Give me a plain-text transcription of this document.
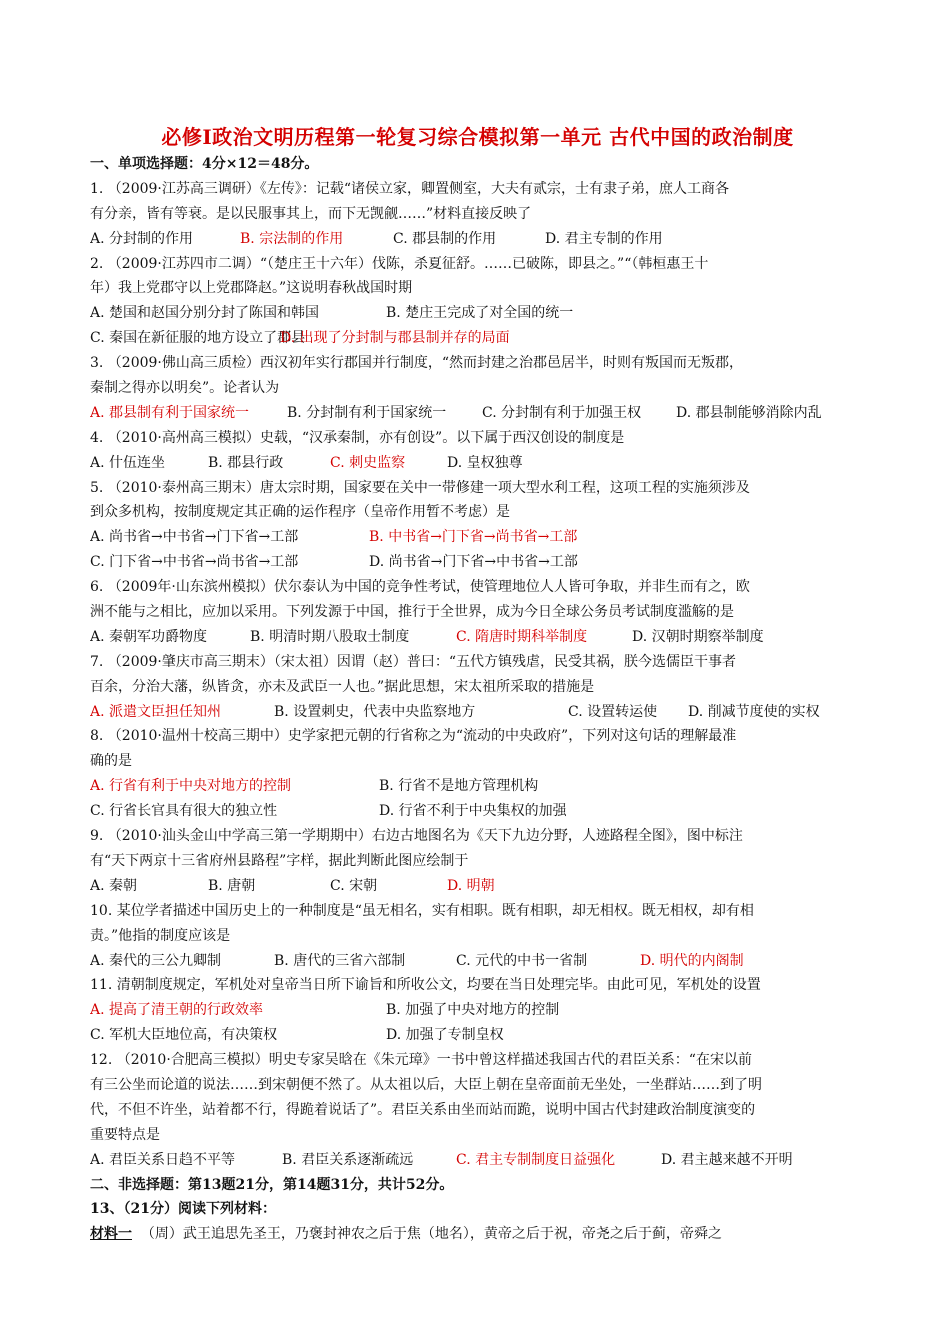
必修Ⅰ政治文明历程第一轮复习综合模拟第一单元 古代中国的政治制度
一、单项选择题：4分×12＝48分。
1. （2009·江苏高三调研）《左传》：记载“诸侯立家，卿置侧室，大夫有贰宗，士有隶子弟，庶人工商各
有分亲，皆有等衰。是以民服事其上，而下无觊觎……”材料直接反映了
A. 分封制的作用	B. 宗法制的作用	C. 郡县制的作用	D. 君主专制的作用
2. （2009·江苏四市二调）“（楚庄王十六年）伐陈，杀夏征舒。……已破陈，即县之。”“（韩桓惠王十
年）我上党郡守以上党郡降赵。”这说明春秋战国时期
A. 楚国和赵国分别分封了陈国和韩国	B. 楚庄王完成了对全国的统一
C. 秦国在新征服的地方设立了郡县
D. 出现了分封制与郡县制并存的局面
3. （2009·佛山高三质检）西汉初年实行郡国并行制度，“然而封建之治郡邑居半，时则有叛国而无叛郡，
秦制之得亦以明矣”。论者认为
A. 郡县制有利于国家统一	B. 分封制有利于国家统一	C. 分封制有利于加强王权 D. 郡县制能够消除内乱
4. （2010·高州高三模拟）史载，“汉承秦制，亦有创设”。以下属于西汉创设的制度是
A. 什伍连坐	B. 郡县行政	C. 刺史监察	D. 皇权独尊
5. （2010·泰州高三期末）唐太宗时期，国家要在关中一带修建一项大型水利工程，这项工程的实施须涉及
到众多机构，按制度规定其正确的运作程序（皇帝作用暂不考虑）是
A. 尚书省→中书省→门下省→工部	B. 中书省→门下省→尚书省→工部
C. 门下省→中书省→尚书省→工部	D. 尚书省→门下省→中书省→工部
6. （2009年·山东滨州模拟）伏尔泰认为中国的竞争性考试，使管理地位人人皆可争取，并非生而有之，欧
洲不能与之相比，应加以采用。下列发源于中国，推行于全世界，成为今日全球公务员考试制度滥觞的是
A. 秦朝军功爵物度	B. 明清时期八股取士制度	C. 隋唐时期科举制度	D. 汉朝时期察举制度
7. （2009·肇庆市高三期末）（宋太祖）因谓（赵）普曰：“五代方镇残虐，民受其祸，朕今选儒臣干事者
百余，分治大藩，纵皆贪，亦未及武臣一人也。”据此思想，宋太祖所采取的措施是
A. 派遣文臣担任知州	B. 设置刺史，代表中央监察地方	C. 设置转运使 D. 削减节度使的实权
8. （2010·温州十校高三期中）史学家把元朝的行省称之为“流动的中央政府”，下列对这句话的理解最准
确的是
A. 行省有利于中央对地方的控制	B. 行省不是地方管理机构
C. 行省长官具有很大的独立性	D. 行省不利于中央集权的加强
9. （2010·汕头金山中学高三第一学期期中）右边古地图名为《天下九边分野，人迹路程全图》，图中标注
有“天下两京十三省府州县路程”字样，据此判断此图应绘制于
A. 秦朝	B. 唐朝	C. 宋朝	D. 明朝
10. 某位学者描述中国历史上的一种制度是“虽无相名，实有相职。既有相职，却无相权。既无相权，却有相
责。”他指的制度应该是
A. 秦代的三公九卿制	B. 唐代的三省六部制	C. 元代的中书一省制	D. 明代的内阁制
11. 清朝制度规定，军机处对皇帝当日所下谕旨和所收公文，均要在当日处理完毕。由此可见，军机处的设置
A. 提高了清王朝的行政效率	B. 加强了中央对地方的控制
C. 军机大臣地位高，有决策权	D. 加强了专制皇权
12. （2010·合肥高三模拟）明史专家吴晗在《朱元璋》一书中曾这样描述我国古代的君臣关系：“在宋以前
有三公坐而论道的说法……到宋朝便不然了。从太祖以后，大臣上朝在皇帝面前无坐处，一坐群站……到了明
代，不但不许坐，站着都不行，得跪着说话了”。君臣关系由坐而站而跪，说明中国古代封建政治制度演变的
重要特点是
A. 君臣关系日趋不平等	B. 君臣关系逐渐疏远	C. 君主专制制度日益强化	D. 君主越来越不开明
二、非选择题：第13题21分，第14题31分，共计52分。
13、（21分）阅读下列材料：
材料一 （周）武王追思先圣王，乃褒封神农之后于焦（地名），黄帝之后于祝，帝尧之后于蓟，帝舜之
